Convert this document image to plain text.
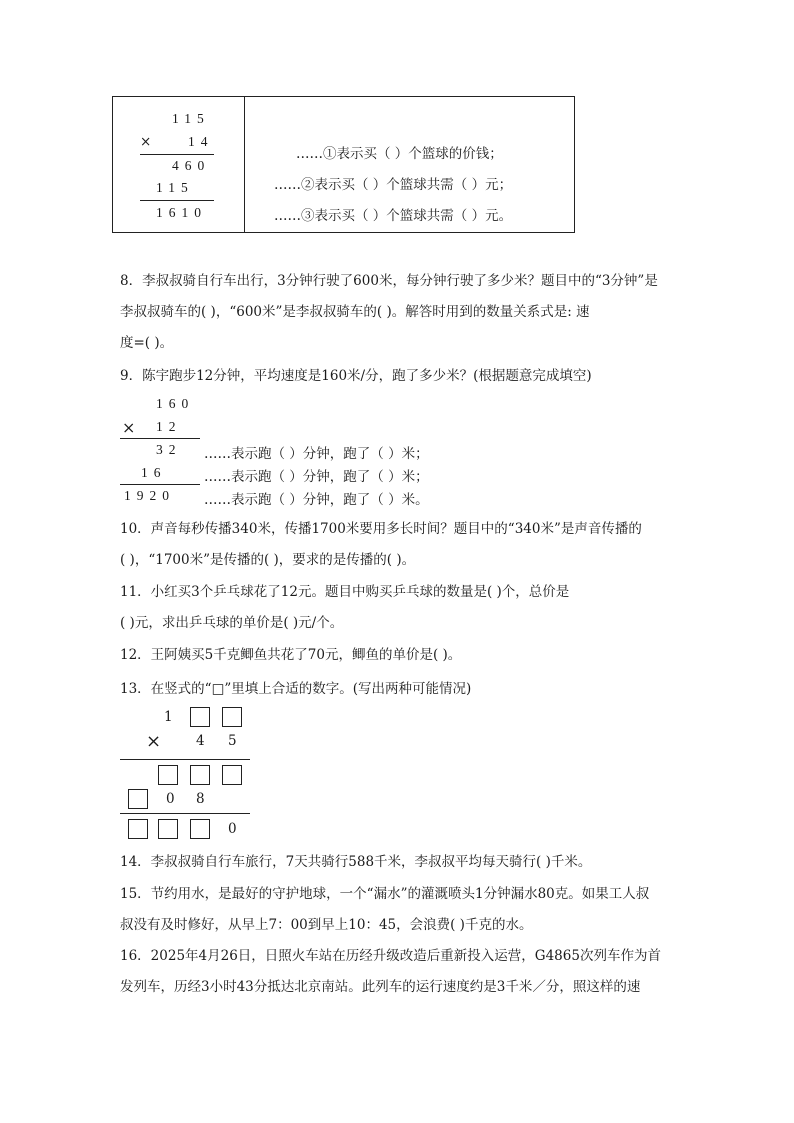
115
×	14
460
115
1610
……①表示买（ ）个篮球的价钱；
……②表示买（ ）个篮球共需（ ）元；
……③表示买（ ）个篮球共需（ ）元。
8．李叔叔骑自行车出行，3分钟行驶了600米，每分钟行驶了多少米？题目中的“3分钟”是
李叔叔骑车的( )，“600米”是李叔叔骑车的( )。解答时用到的数量关系式是: 速
度=( )。
9．陈宇跑步12分钟，平均速度是160米/分，跑了多少米？(根据题意完成填空)
160
× 12
32
16
1920
……表示跑（ ）分钟，跑了（ ）米；
……表示跑（ ）分钟，跑了（ ）米；
……表示跑（ ）分钟，跑了（ ）米。
10．声音每秒传播340米，传播1700米要用多长时间？题目中的“340米”是声音传播的
( )，“1700米”是传播的( )，要求的是传播的( )。
11．小红买3个乒乓球花了12元。题目中购买乒乓球的数量是( )个，总价是
( )元，求出乒乓球的单价是( )元/个。
12．王阿姨买5千克鲫鱼共花了70元，鲫鱼的单价是( )。
13．在竖式的“□”里填上合适的数字。(写出两种可能情况)
1
×	4 5
0 8
0
14．李叔叔骑自行车旅行，7天共骑行588千米，李叔叔平均每天骑行( )千米。
15．节约用水，是最好的守护地球，一个“漏水”的灌溉喷头1分钟漏水80克。如果工人叔
叔没有及时修好，从早上7：00到早上10：45，会浪费( )千克的水。
16．2025年4月26日，日照火车站在历经升级改造后重新投入运营，G4865次列车作为首
发列车，历经3小时43分抵达北京南站。此列车的运行速度约是3千米／分，照这样的速
